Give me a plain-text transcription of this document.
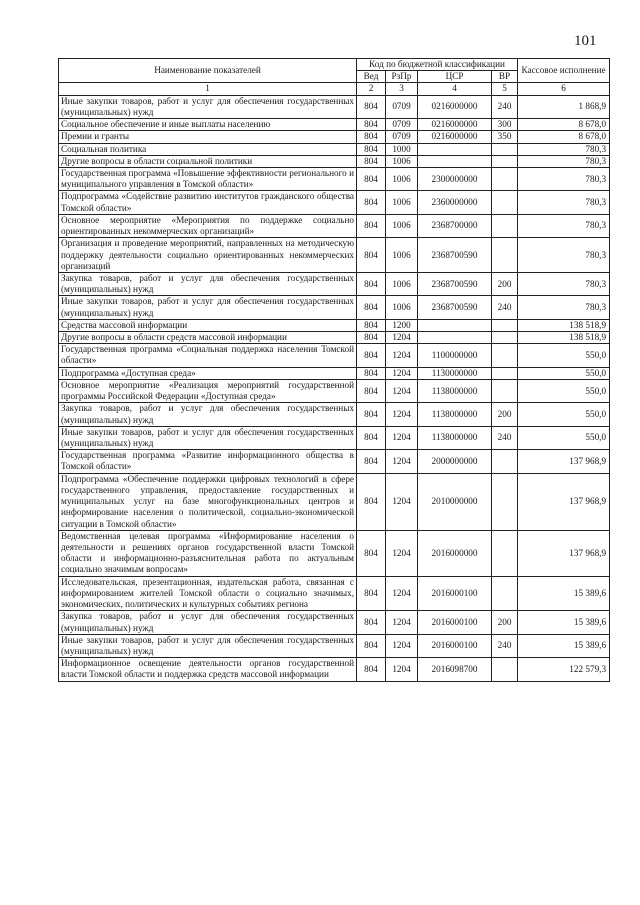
101
Наименование показателей	Код по бюджетной классификации				Кассовое исполнение
	Вед	РзПр	ЦСР	ВР	
1	2	3	4	5	6
Иные закупки товаров, работ и услуг для обеспечения государственных (муниципальных) нужд	804	0709	0216000000	240	1 868,9
Социальное обеспечение и иные выплаты населению	804	0709	0216000000	300	8 678,0
Премии и гранты	804	0709	0216000000	350	8 678,0
Социальная политика	804	1000			780,3
Другие вопросы в области социальной политики	804	1006			780,3
Государственная программа «Повышение эффективности регионального и муниципального управления в Томской области»	804	1006	2300000000		780,3
Подпрограмма «Содействие развитию институтов гражданского общества Томской области»	804	1006	2360000000		780,3
Основное мероприятие «Мероприятия по поддержке социально ориентированных некоммерческих организаций»	804	1006	2368700000		780,3
Организация и проведение мероприятий, направленных на методическую поддержку деятельности социально ориентированных некоммерческих организаций	804	1006	2368700590		780,3
Закупка товаров, работ и услуг для обеспечения государственных (муниципальных) нужд	804	1006	2368700590	200	780,3
Иные закупки товаров, работ и услуг для обеспечения государственных (муниципальных) нужд	804	1006	2368700590	240	780,3
Средства массовой информации	804	1200			138 518,9
Другие вопросы в области средств массовой информации	804	1204			138 518,9
Государственная программа «Социальная поддержка населения Томской области»	804	1204	1100000000		550,0
Подпрограмма «Доступная среда»	804	1204	1130000000		550,0
Основное мероприятие «Реализация мероприятий государственной программы Российской Федерации «Доступная среда»	804	1204	1138000000		550,0
Закупка товаров, работ и услуг для обеспечения государственных (муниципальных) нужд	804	1204	1138000000	200	550,0
Иные закупки товаров, работ и услуг для обеспечения государственных (муниципальных) нужд	804	1204	1138000000	240	550,0
Государственная программа «Развитие информационного общества в Томской области»	804	1204	2000000000		137 968,9
Подпрограмма «Обеспечение поддержки цифровых технологий в сфере государственного управления, предоставление государственных и муниципальных услуг на базе многофункциональных центров и информирование населения о политической, социально-экономической ситуации в Томской области»	804	1204	2010000000		137 968,9
Ведомственная целевая программа «Информирование населения о деятельности и решениях органов государственной власти Томской области и информационно-разъяснительная работа по актуальным социально значимым вопросам»	804	1204	2016000000		137 968,9
Исследовательская, презентационная, издательская работа, связанная с информированием жителей Томской области о социально значимых, экономических, политических и культурных событиях региона	804	1204	2016000100		15 389,6
Закупка товаров, работ и услуг для обеспечения государственных (муниципальных) нужд	804	1204	2016000100	200	15 389,6
Иные закупки товаров, работ и услуг для обеспечения государственных (муниципальных) нужд	804	1204	2016000100	240	15 389,6
Информационное освещение деятельности органов государственной власти Томской области и поддержка средств массовой информации	804	1204	2016098700		122 579,3
